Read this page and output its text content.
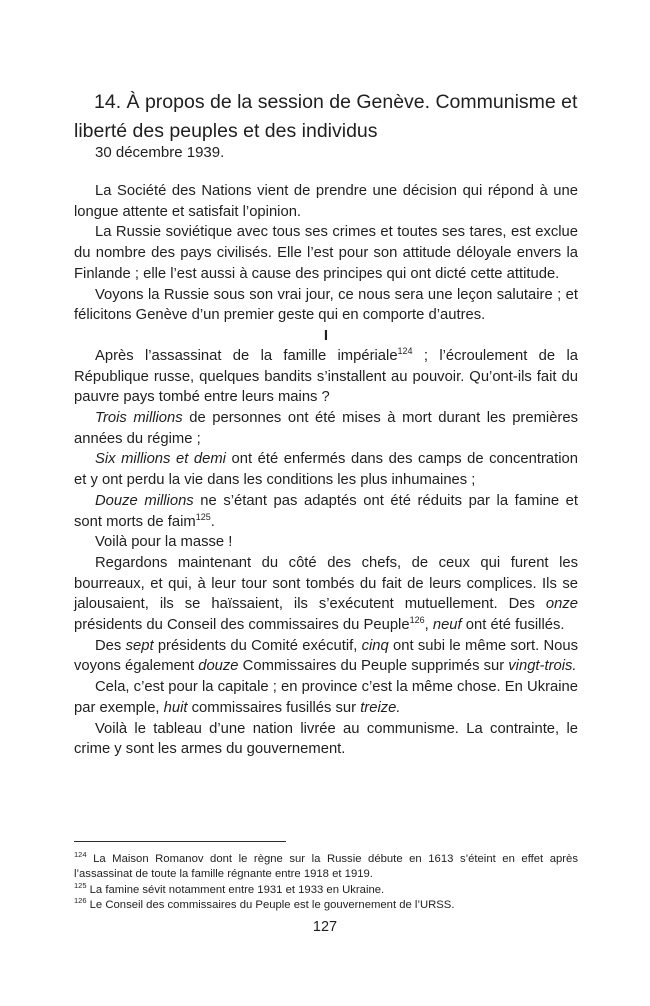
14. À propos de la session de Genève. Communisme et
liberté des peuples et des individus
30 décembre 1939.

La Société des Nations vient de prendre une décision qui répond à une longue attente et satisfait l’opinion.

La Russie soviétique avec tous ses crimes et toutes ses tares, est exclue du nombre des pays civilisés. Elle l’est pour son attitude déloyale envers la Finlande ; elle l’est aussi à cause des principes qui ont dicté cette attitude.

Voyons la Russie sous son vrai jour, ce nous sera une leçon salutaire ; et félicitons Genève d’un premier geste qui en comporte d’autres.

I

Après l’assassinat de la famille impériale$^{124}$ ; l’écroulement de la République russe, quelques bandits s’installent au pouvoir. Qu’ont-ils fait du pauvre pays tombé entre leurs mains ?

Trois millions de personnes ont été mises à mort durant les premières années du régime ;

Six millions et demi ont été enfermés dans des camps de concentration et y ont perdu la vie dans les conditions les plus inhumaines ;

Douze millions ne s’étant pas adaptés ont été réduits par la famine et sont morts de faim$^{125}$.

Voilà pour la masse !

Regardons maintenant du côté des chefs, de ceux qui furent les bourreaux, et qui, à leur tour sont tombés du fait de leurs complices. Ils se jalousaient, ils se haïssaient, ils s’exécutent mutuellement. Des onze présidents du Conseil des commissaires du Peuple$^{126}$, neuf ont été fusillés.

Des sept présidents du Comité exécutif, cinq ont subi le même sort. Nous voyons également douze Commissaires du Peuple supprimés sur vingt-trois.

Cela, c’est pour la capitale ; en province c’est la même chose. En Ukraine par exemple, huit commissaires fusillés sur treize.

Voilà le tableau d’une nation livrée au communisme. La contrainte, le crime y sont les armes du gouvernement.

$^{124}$ La Maison Romanov dont le règne sur la Russie débute en 1613 s’éteint en effet après l’assassinat de toute la famille régnante entre 1918 et 1919.

$^{125}$ La famine sévit notamment entre 1931 et 1933 en Ukraine.

$^{126}$ Le Conseil des commissaires du Peuple est le gouvernement de l’URSS.

127
